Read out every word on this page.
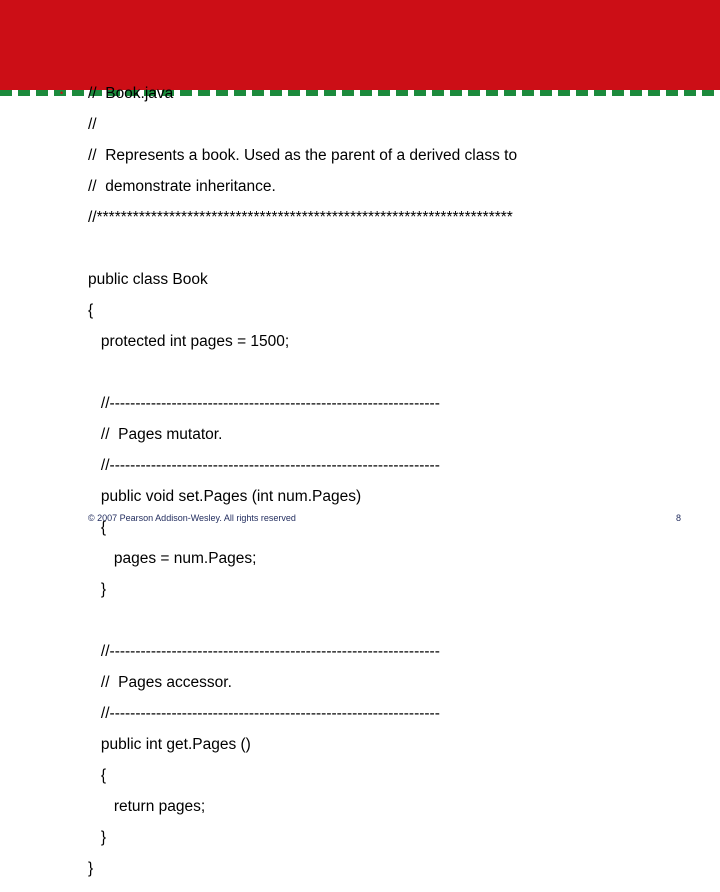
• //  Book.java

//

//  Represents a book. Used as the parent of a derived class to

//  demonstrate inheritance.

//*********************************************************************

public class Book

{

protected int pages = 1500;

//----------------------------------------------------------------

//  Pages mutator.

//----------------------------------------------------------------

public void set.Pages (int num.Pages)

{

pages = num.Pages;

}

//----------------------------------------------------------------

//  Pages accessor.

//----------------------------------------------------------------

public int get.Pages ()

{

return pages;

}

}

© 2007 Pearson Addison-Wesley. All rights reserved	8
